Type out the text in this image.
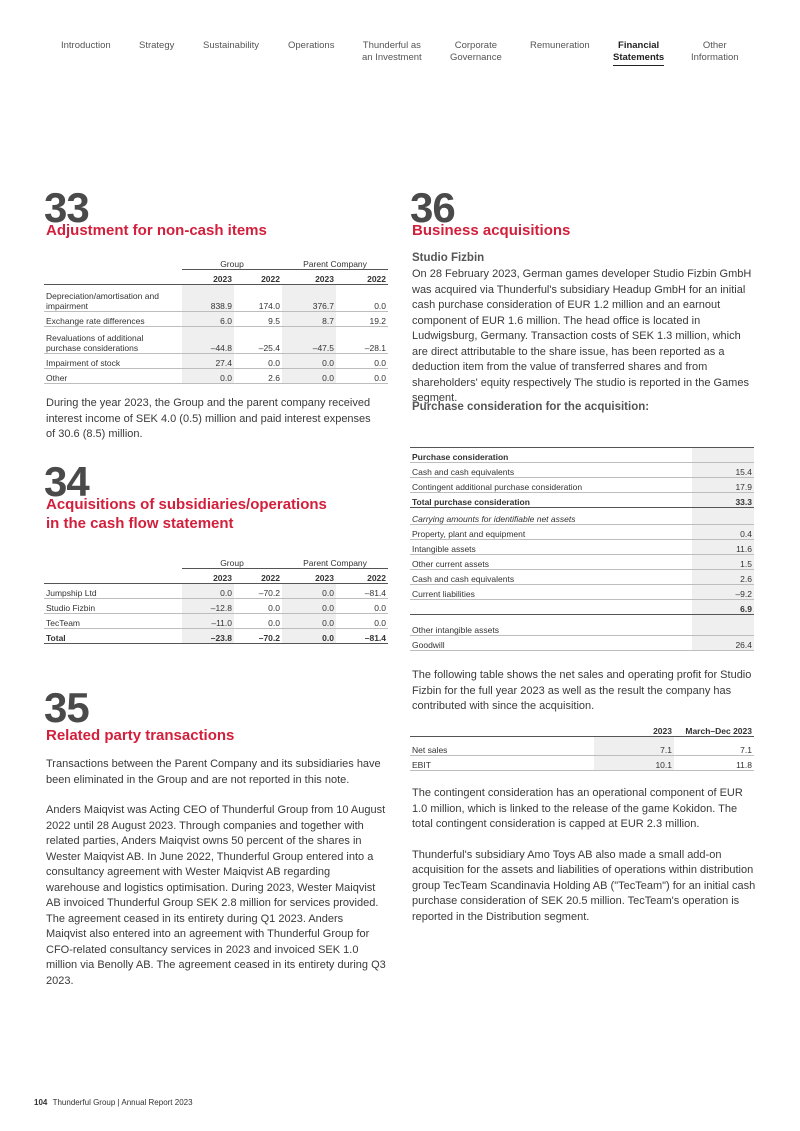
Introduction	Strategy	Sustainability	Operations	Thunderful as
an Investment
Corporate
Governance
Remuneration	Financial
Statements
Other
Information
33
Adjustment for non-cash items
	Group		Parent Company	
	2023	2022	2023	2022
Depreciation/amortisation and impairment	838.9	174.0	376.7	0.0
Exchange rate differences	6.0	9.5	8.7	19.2
Revaluations of additional purchase considerations	–44.8	–25.4	–47.5	–28.1
Impairment of stock	27.4	0.0	0.0	0.0
Other	0.0	2.6	0.0	0.0
During the year 2023, the Group and the parent company received interest income of SEK 4.0 (0.5) million and paid interest expenses of 30.6 (8.5) million.
34
Acquisitions of subsidiaries/operations
in the cash flow statement
	Group		Parent Company	
	2023	2022	2023	2022
Jumpship Ltd	0.0	–70.2	0.0	–81.4
Studio Fizbin	–12.8	0.0	0.0	0.0
TecTeam	–11.0	0.0	0.0	0.0
Total	–23.8	–70.2	0.0	–81.4
35
Related party transactions

Transactions between the Parent Company and its subsidiaries have been eliminated in the Group and are not reported in this note.

Anders Maiqvist was Acting CEO of Thunderful Group from 10 August 2022 until 28 August 2023. Through companies and together with related parties, Anders Maiqvist owns 50 percent of the shares in Wester Maiqvist AB. In June 2022, Thunderful Group entered into a consultancy agreement with Wester Maiqvist AB regarding warehouse and logistics optimisation. During 2023, Wester Maiqvist AB invoiced Thunderful Group SEK 2.8 million for services provided. The agreement ceased in its entirety during Q1 2023. Anders Maiqvist also entered into an agreement with Thunderful Group for CFO-related consultancy services in 2023 and invoiced SEK 1.0 million via Benolly AB. The agreement ceased in its entirety during Q3 2023.

36
Business acquisitions
Studio Fizbin
On 28 February 2023, German games developer Studio Fizbin GmbH was acquired via Thunderful's subsidiary Headup GmbH for an initial cash purchase consideration of EUR 1.2 million and an earnout component of EUR 1.6 million. The head office is located in Ludwigsburg, Germany. Transaction costs of SEK 1.3 million, which are direct attributable to the share issue, has been reported as a deduction item from the value of transferred shares and from shareholders' equity respectively The studio is reported in the Games segment.
Purchase consideration for the acquisition:
Purchase consideration	
Cash and cash equivalents	15.4
Contingent additional purchase consideration	17.9
Total purchase consideration	33.3
Carrying amounts for identifiable net assets	
Property, plant and equipment	0.4
Intangible assets	11.6
Other current assets	1.5
Cash and cash equivalents	2.6
Current liabilities	–9.2
	6.9
Other intangible assets	
Goodwill	26.4
The following table shows the net sales and operating profit for Studio Fizbin for the full year 2023 as well as the result the company has contributed with since the acquisition.
	2023	March–Dec 2023
Net sales	7.1	7.1
EBIT	10.1	11.8

The contingent consideration has an operational component of EUR 1.0 million, which is linked to the release of the game Kokidon. The total contingent consideration is capped at EUR 2.3 million.

Thunderful's subsidiary Amo Toys AB also made a small add-on acquisition for the assets and liabilities of operations within distribution group TecTeam Scandinavia Holding AB ("TecTeam") for an initial cash purchase consideration of SEK 20.5 million. TecTeam's operation is reported in the Distribution segment.

104 Thunderful Group | Annual Report 2023
